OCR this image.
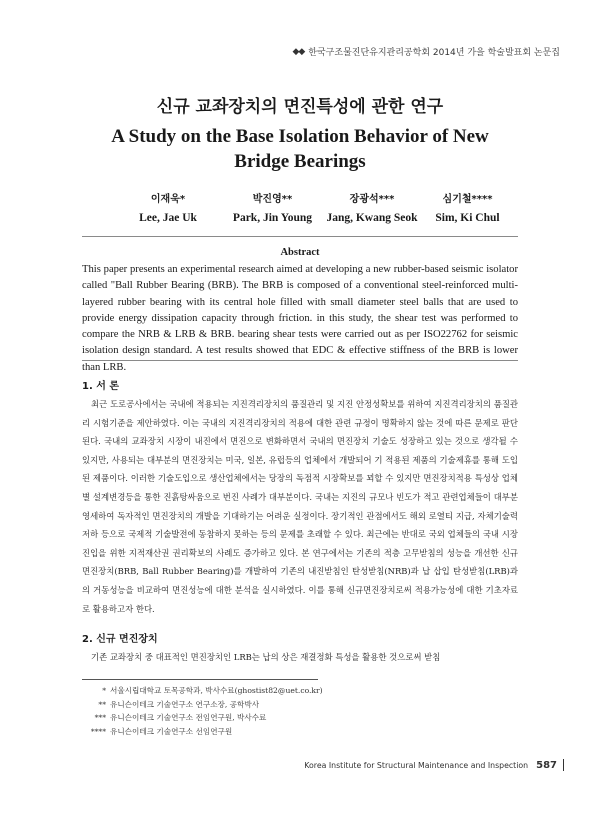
◆◆ 한국구조물진단유지관리공학회 2014년 가을 학술발표회 논문집
신규 교좌장치의 면진특성에 관한 연구
A Study on the Base Isolation Behavior of New Bridge Bearings
이재욱*
Lee, Jae Uk
박진영**
Park, Jin Young
장광석***
Jang, Kwang Seok
심기철****
Sim, Ki Chul
Abstract
This paper presents an experimental research aimed at developing a new rubber-based seismic isolator called "Ball Rubber Bearing (BRB). The BRB is composed of a conventional steel-reinforced multi-layered rubber bearing with its central hole filled with small diameter steel balls that are used to provide energy dissipation capacity through friction. in this study, the shear test was performed to compare the NRB & LRB & BRB. bearing shear tests were carried out as per ISO22762 for seismic isolation design standard. A test results showed that EDC & effective stiffness of the BRB is lower than LRB.
1. 서 론
최근 도로공사에서는 국내에 적용되는 지진격리장치의 품질관리 및 지진 안정성확보를 위하여 지진격리장치의 품질관리 시험기준을 제안하였다. 이는 국내의 지진격리장치의 적용에 대한 관련 규정이 명확하지 않는 것에 따른 문제로 판단된다. 국내의 교좌장치 시장이 내진에서 면진으로 변화하면서 국내의 면진장치 기술도 성장하고 있는 것으로 생각될 수 있지만, 사용되는 대부분의 면진장치는 미국, 일본, 유럽등의 업체에서 개발되어 기 적용된 제품의 기술제휴를 통해 도입된 제품이다. 이러한 기술도입으로 생산업체에서는 당장의 독점적 시장확보를 꾀할 수 있지만 면진장치적용 특성상 업체별 설계변경등을 통한 진흙탕싸움으로 번진 사례가 대부분이다. 국내는 지진의 규모나 빈도가 적고 관련업체들이 대부분 영세하여 독자적인 면진장치의 개발을 기대하기는 어려운 실정이다. 장기적인 관점에서도 해외 로열티 지급, 자체기술력저하 등으로 국제적 기술발전에 동참하지 못하는 등의 문제를 초래할 수 있다. 최근에는 반대로 국외 업체들의 국내 시장진입을 위한 지적재산권 권리확보의 사례도 증가하고 있다. 본 연구에서는 기존의 적층 고무받침의 성능을 개선한 신규 면진장치(BRB, Ball Rubber Bearing)를 개발하여 기존의 내진받침인 탄성받침(NRB)과 납 삽입 탄성받침(LRB)과의 거동성능을 비교하여 면진성능에 대한 분석을 실시하였다. 이를 통해 신규면진장치로써 적용가능성에 대한 기초자료로 활용하고자 한다.
2. 신규 면진장치
기존 교좌장치 중 대표적인 면진장치인 LRB는 납의 상은 재결정화 특성을 활용한 것으로써 받침
* 서울시립대학교 토목공학과, 박사수료(ghostist82@uet.co.kr)
** 유니슨이테크 기술연구소 연구소장, 공학박사
*** 유니슨이테크 기술연구소 전임연구원, 박사수료
**** 유니슨이테크 기술연구소 선임연구원
Korea Institute for Structural Maintenance and Inspection 587
